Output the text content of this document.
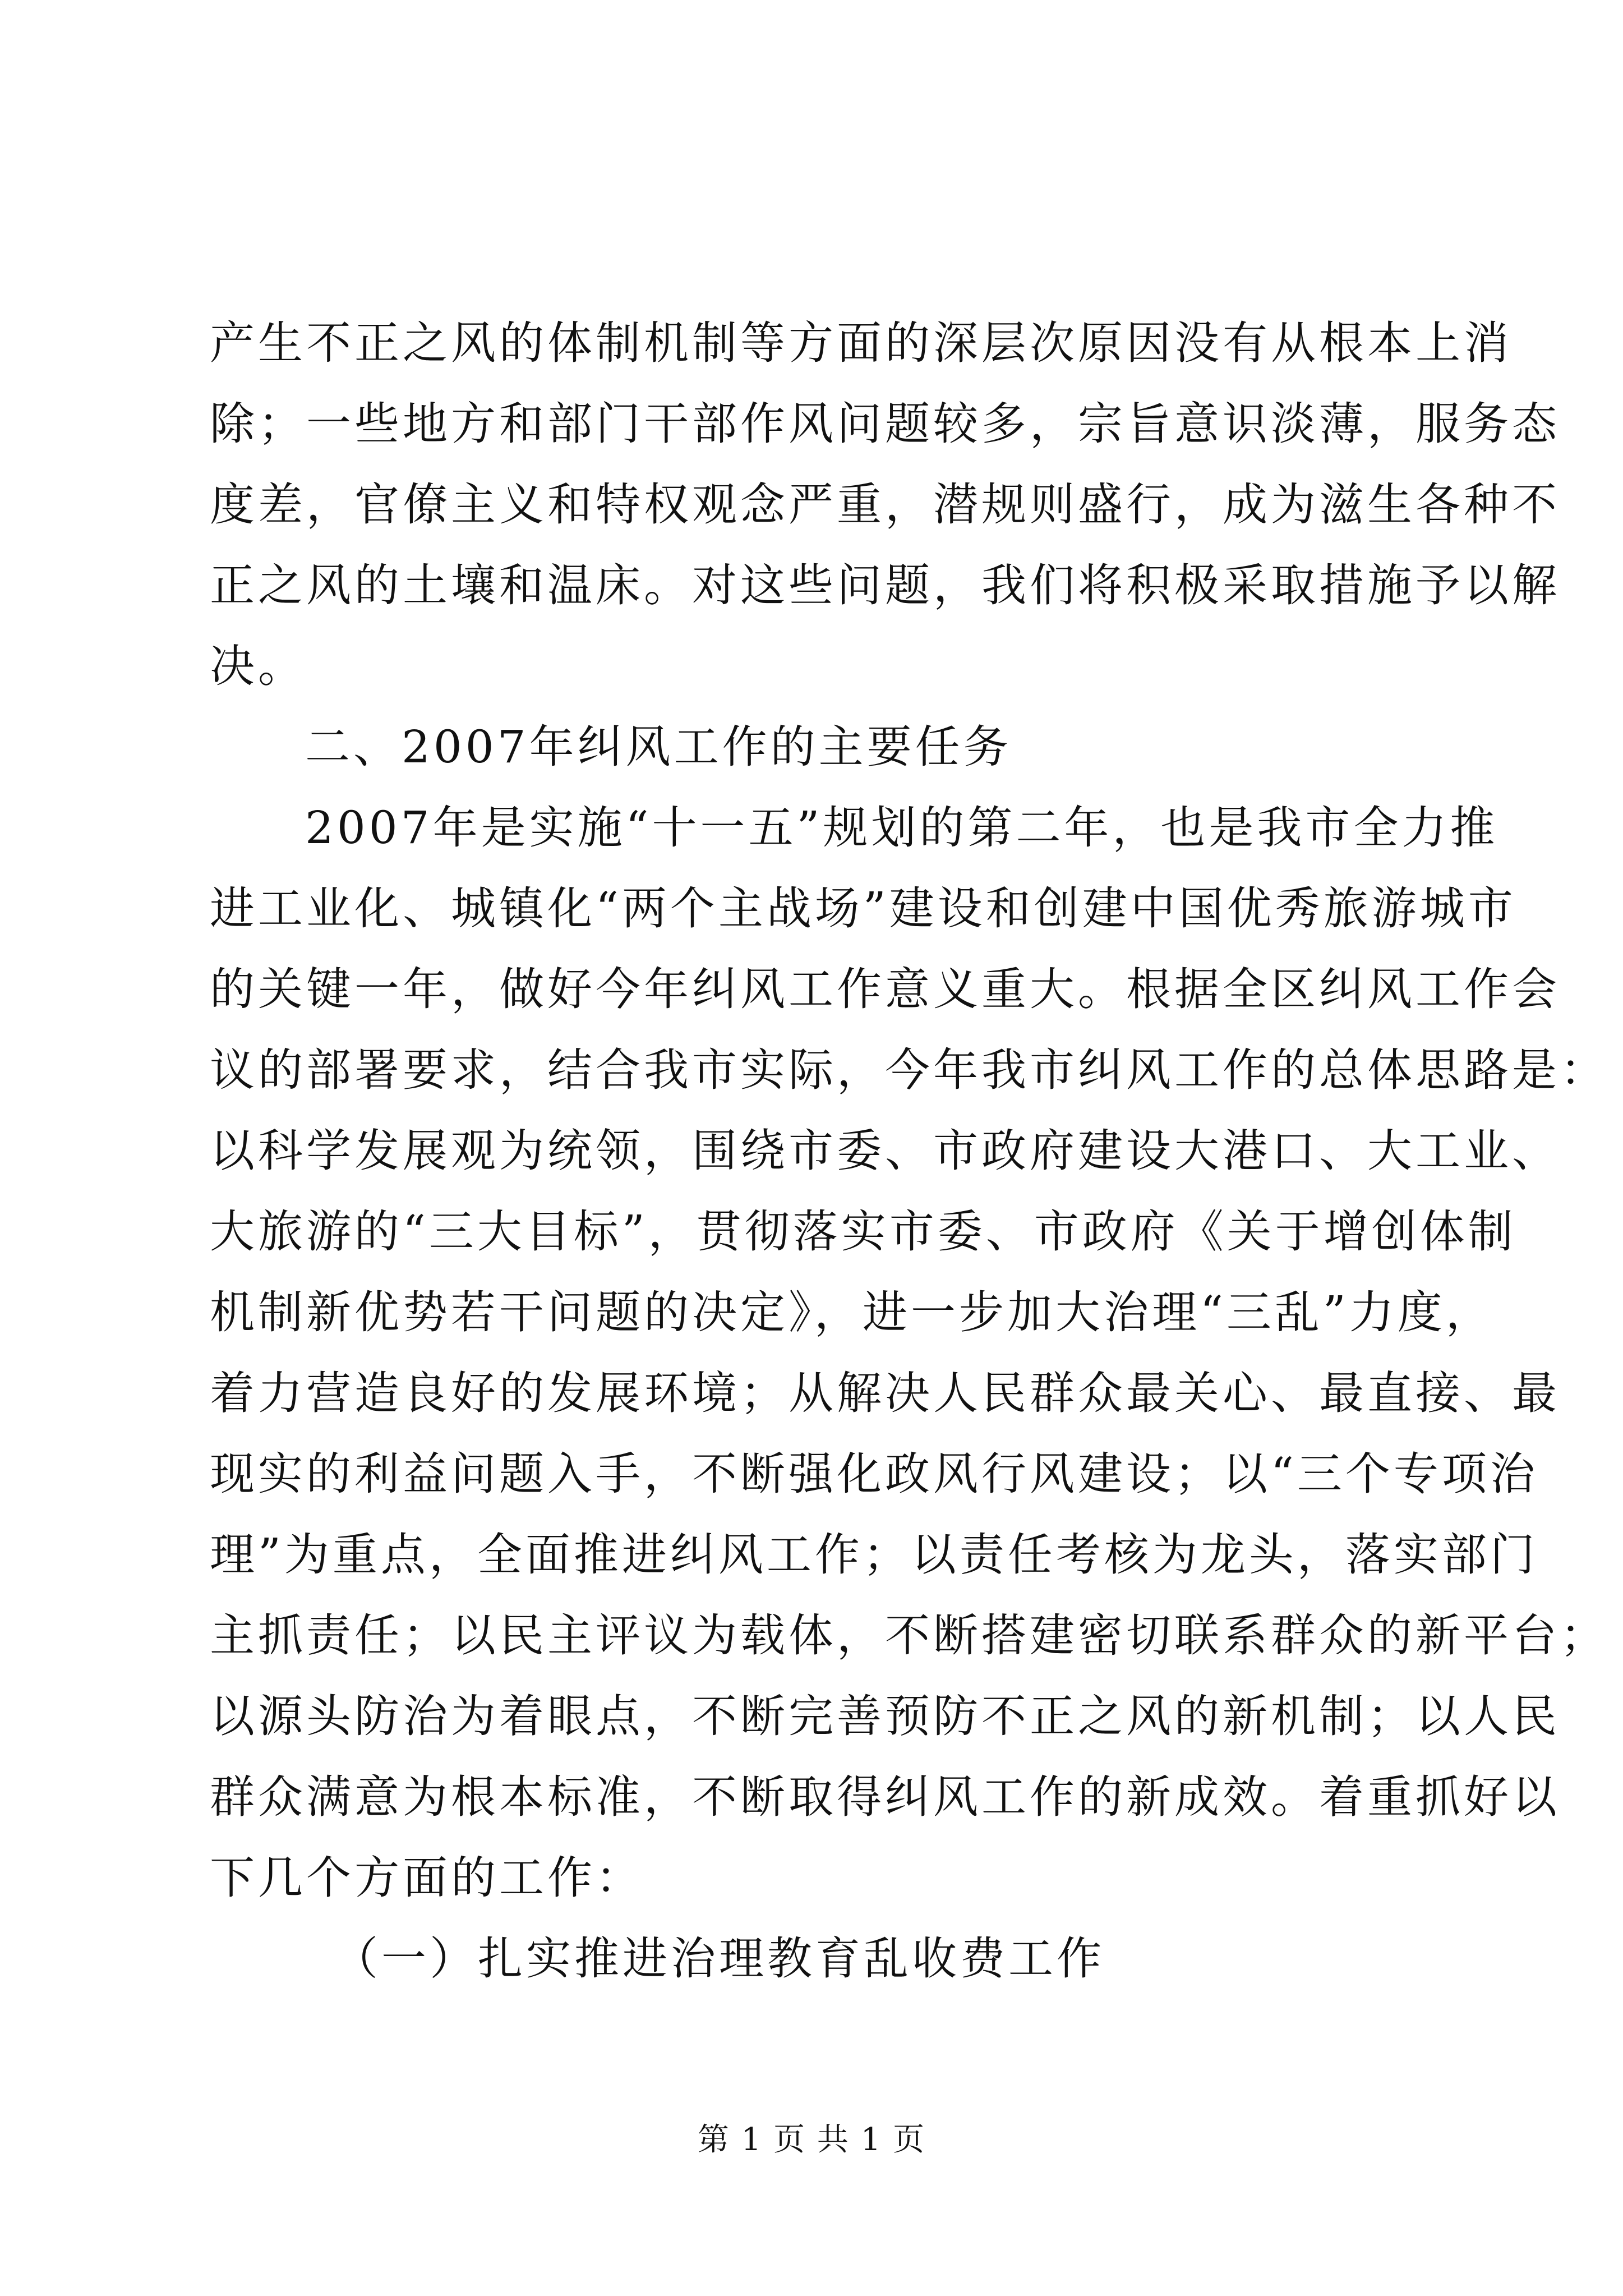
产生不正之风的体制机制等方面的深层次原因没有从根本上消
除；一些地方和部门干部作风问题较多，宗旨意识淡薄，服务态
度差，官僚主义和特权观念严重，潜规则盛行，成为滋生各种不
正之风的土壤和温床。对这些问题，我们将积极采取措施予以解
决。
二、2007年纠风工作的主要任务
2007年是实施“十一五”规划的第二年，也是我市全力推
进工业化、城镇化“两个主战场”建设和创建中国优秀旅游城市
的关键一年，做好今年纠风工作意义重大。根据全区纠风工作会
议的部署要求，结合我市实际，今年我市纠风工作的总体思路是：
以科学发展观为统领，围绕市委、市政府建设大港口、大工业、
大旅游的“三大目标”，贯彻落实市委、市政府《关于增创体制
机制新优势若干问题的决定》，进一步加大治理“三乱”力度，
着力营造良好的发展环境；从解决人民群众最关心、最直接、最
现实的利益问题入手，不断强化政风行风建设；以“三个专项治
理”为重点，全面推进纠风工作；以责任考核为龙头，落实部门
主抓责任；以民主评议为载体，不断搭建密切联系群众的新平台；
以源头防治为着眼点，不断完善预防不正之风的新机制；以人民
群众满意为根本标准，不断取得纠风工作的新成效。着重抓好以
下几个方面的工作：
（一）扎实推进治理教育乱收费工作
第 1 页 共 1 页
